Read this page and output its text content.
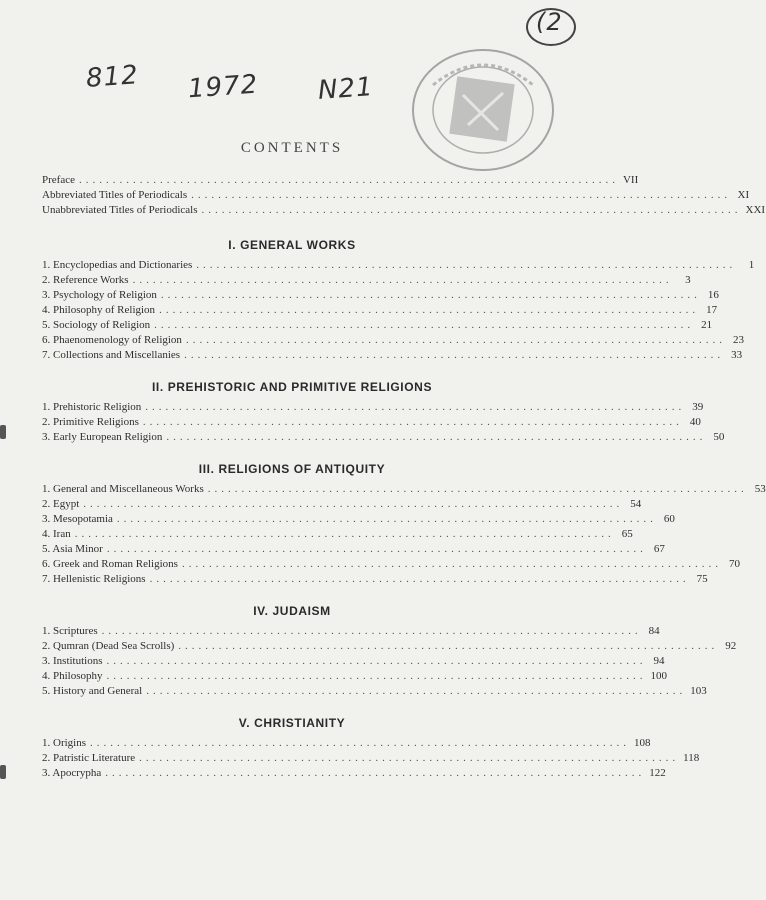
812 1972 N21
(2
CONTENTS
Preface ................................................................................ VII
Abbreviated Titles of Periodicals ................................................................................ XI
Unabbreviated Titles of Periodicals ................................................................................ XXI
I. GENERAL WORKS
1. Encyclopedias and Dictionaries ................................................................................	1
2. Reference Works ................................................................................	3
3. Psychology of Religion ................................................................................ 16
4. Philosophy of Religion ................................................................................ 17
5. Sociology of Religion ................................................................................ 21
6. Phaenomenology of Religion ................................................................................ 23
7. Collections and Miscellanies ................................................................................ 33
II. PREHISTORIC AND PRIMITIVE RELIGIONS
1. Prehistoric Religion ................................................................................ 39
2. Primitive Religions ................................................................................ 40
3. Early European Religion ................................................................................ 50
III. RELIGIONS OF ANTIQUITY
1. General and Miscellaneous Works ................................................................................ 53
2. Egypt ................................................................................ 54
3. Mesopotamia ................................................................................ 60
4. Iran ................................................................................ 65
5. Asia Minor ................................................................................ 67
6. Greek and Roman Religions ................................................................................ 70
7. Hellenistic Religions ................................................................................ 75
IV. JUDAISM
1. Scriptures ................................................................................ 84
2. Qumran (Dead Sea Scrolls) ................................................................................ 92
3. Institutions ................................................................................ 94
4. Philosophy ................................................................................ 100
5. History and General ................................................................................ 103
V. CHRISTIANITY
1. Origins ................................................................................ 108
2. Patristic Literature ................................................................................ 118
3. Apocrypha ................................................................................ 122
